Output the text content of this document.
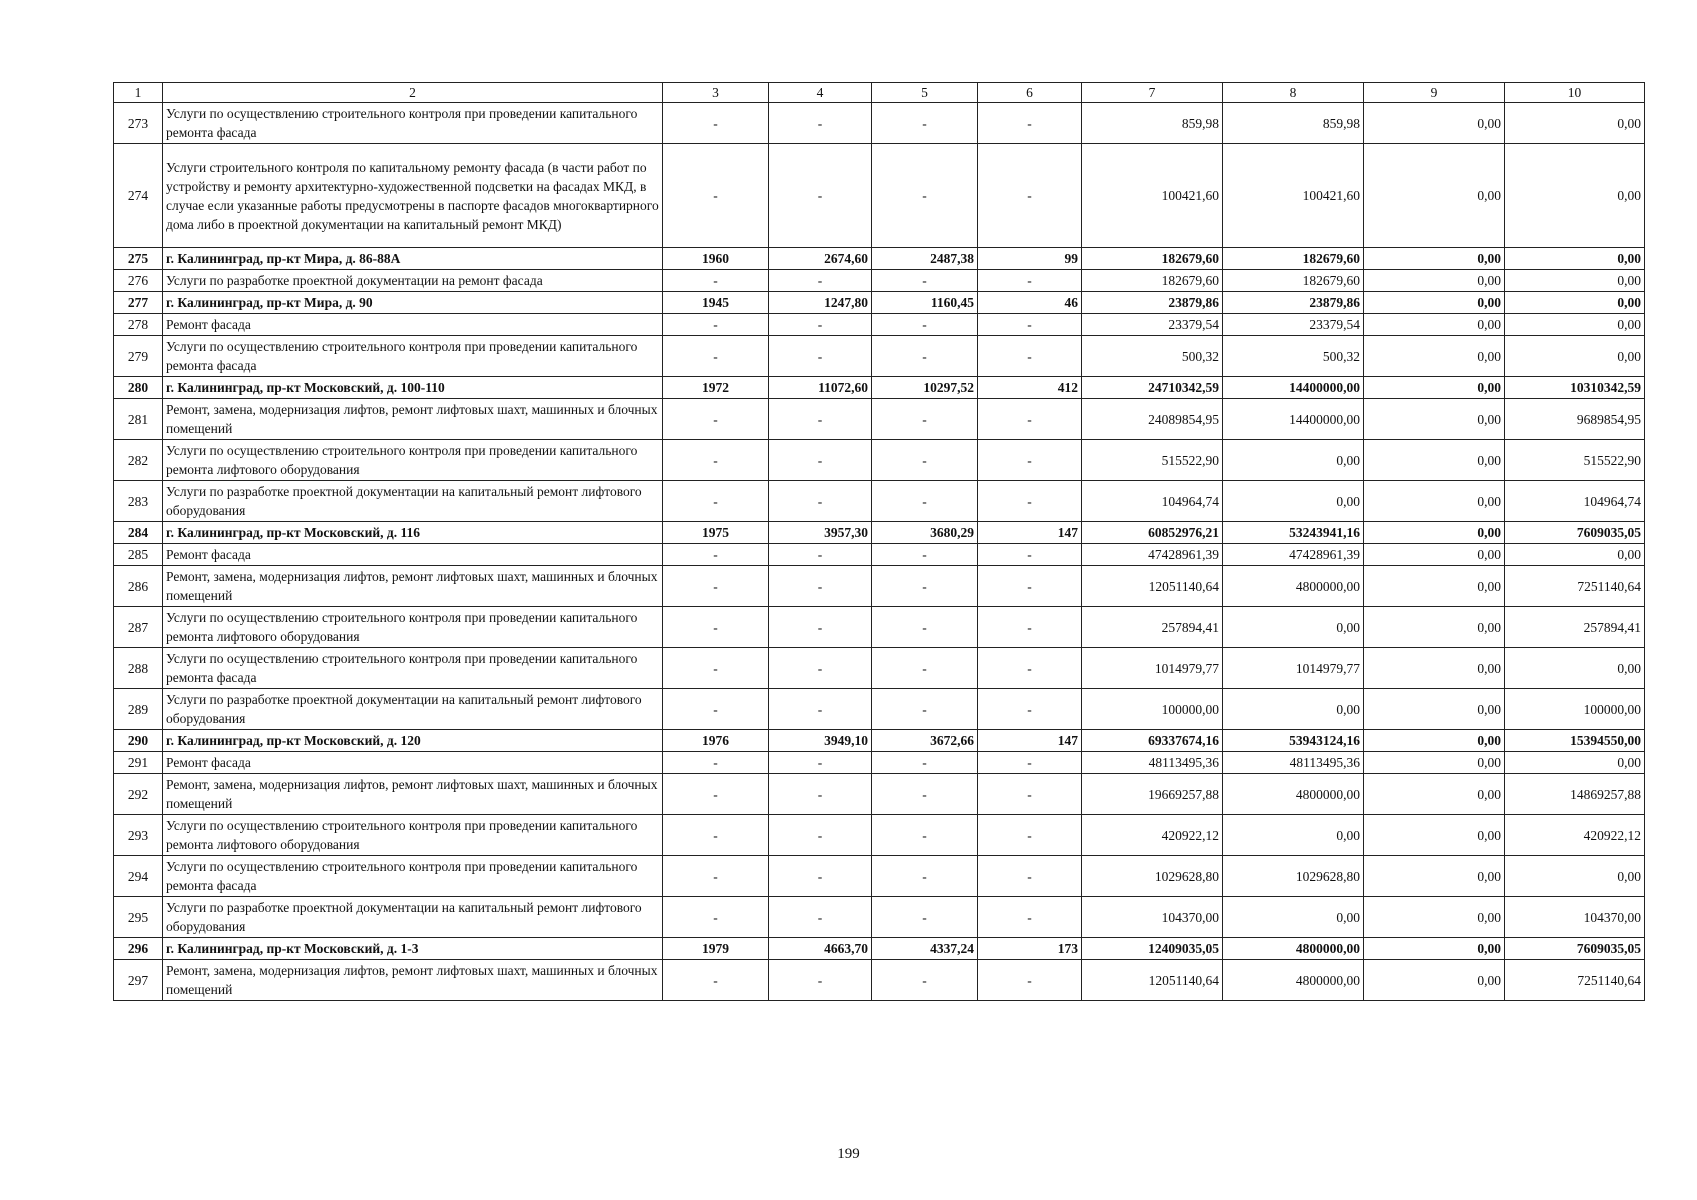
1	2	3	4	5	6	7	8	9	10
273	Услуги по осуществлению строительного контроля при проведении капитального ремонта фасада	-	-	-	-	859,98	859,98	0,00	0,00
274	Услуги строительного контроля по капитальному ремонту фасада (в части работ по устройству и ремонту архитектурно-художественной подсветки на фасадах МКД, в случае если указанные работы предусмотрены в паспорте фасадов многоквартирного дома либо в проектной документации на капитальный ремонт МКД)	-	-	-	-	100421,60	100421,60	0,00	0,00
275	г. Калининград, пр-кт Мира, д. 86-88А	1960	2674,60	2487,38	99	182679,60	182679,60	0,00	0,00
276	Услуги по разработке проектной документации на ремонт фасада	-	-	-	-	182679,60	182679,60	0,00	0,00
277	г. Калининград, пр-кт Мира, д. 90	1945	1247,80	1160,45	46	23879,86	23879,86	0,00	0,00
278	Ремонт фасада	-	-	-	-	23379,54	23379,54	0,00	0,00
279	Услуги по осуществлению строительного контроля при проведении капитального ремонта фасада	-	-	-	-	500,32	500,32	0,00	0,00
280	г. Калининград, пр-кт Московский, д. 100-110	1972	11072,60	10297,52	412	24710342,59	14400000,00	0,00	10310342,59
281	Ремонт, замена, модернизация лифтов, ремонт лифтовых шахт, машинных и блочных помещений	-	-	-	-	24089854,95	14400000,00	0,00	9689854,95
282	Услуги по осуществлению строительного контроля при проведении капитального ремонта лифтового оборудования	-	-	-	-	515522,90	0,00	0,00	515522,90
283	Услуги по разработке проектной документации на капитальный ремонт лифтового оборудования	-	-	-	-	104964,74	0,00	0,00	104964,74
284	г. Калининград, пр-кт Московский, д. 116	1975	3957,30	3680,29	147	60852976,21	53243941,16	0,00	7609035,05
285	Ремонт фасада	-	-	-	-	47428961,39	47428961,39	0,00	0,00
286	Ремонт, замена, модернизация лифтов, ремонт лифтовых шахт, машинных и блочных помещений	-	-	-	-	12051140,64	4800000,00	0,00	7251140,64
287	Услуги по осуществлению строительного контроля при проведении капитального ремонта лифтового оборудования	-	-	-	-	257894,41	0,00	0,00	257894,41
288	Услуги по осуществлению строительного контроля при проведении капитального ремонта фасада	-	-	-	-	1014979,77	1014979,77	0,00	0,00
289	Услуги по разработке проектной документации на капитальный ремонт лифтового оборудования	-	-	-	-	100000,00	0,00	0,00	100000,00
290	г. Калининград, пр-кт Московский, д. 120	1976	3949,10	3672,66	147	69337674,16	53943124,16	0,00	15394550,00
291	Ремонт фасада	-	-	-	-	48113495,36	48113495,36	0,00	0,00
292	Ремонт, замена, модернизация лифтов, ремонт лифтовых шахт, машинных и блочных помещений	-	-	-	-	19669257,88	4800000,00	0,00	14869257,88
293	Услуги по осуществлению строительного контроля при проведении капитального ремонта лифтового оборудования	-	-	-	-	420922,12	0,00	0,00	420922,12
294	Услуги по осуществлению строительного контроля при проведении капитального ремонта фасада	-	-	-	-	1029628,80	1029628,80	0,00	0,00
295	Услуги по разработке проектной документации на капитальный ремонт лифтового оборудования	-	-	-	-	104370,00	0,00	0,00	104370,00
296	г. Калининград, пр-кт Московский, д. 1-3	1979	4663,70	4337,24	173	12409035,05	4800000,00	0,00	7609035,05
297	Ремонт, замена, модернизация лифтов, ремонт лифтовых шахт, машинных и блочных помещений	-	-	-	-	12051140,64	4800000,00	0,00	7251140,64
199
